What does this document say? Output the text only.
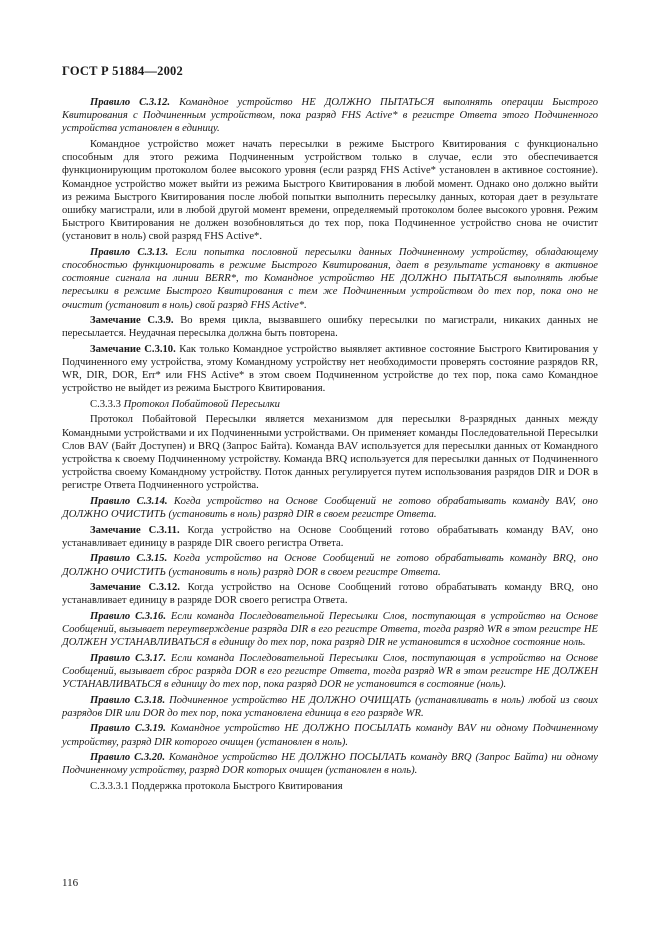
ГОСТ Р 51884—2002

Правило С.3.12. Командное устройство НЕ ДОЛЖНО ПЫТАТЬСЯ выполнять операции Быстрого Квитирования с Подчиненным устройством, пока разряд FHS Active* в регистре Ответа этого Подчиненного устройства установлен в единицу.

Командное устройство может начать пересылки в режиме Быстрого Квитирования с функционально способным для этого режима Подчиненным устройством только в случае, если это обеспечивается функционирующим протоколом более высокого уровня (если разряд FHS Active* установлен в активное состояние). Командное устройство может выйти из режима Быстрого Квитирования в любой момент. Однако оно должно выйти из режима Быстрого Квитирования после любой попытки выполнить пересылку данных, которая дает в результате ошибку магистрали, или в любой другой момент времени, определяемый протоколом более высокого уровня. Режим Быстрого Квитирования не должен возобновляться до тех пор, пока Подчиненное устройство снова не очистит (установит в ноль) свой разряд FHS Active*.

Правило С.3.13. Если попытка пословной пересылки данных Подчиненному устройству, обладающему способностью функционировать в режиме Быстрого Квитирования, дает в результате установку в активное состояние сигнала на линии BERR*, то Командное устройство НЕ ДОЛЖНО ПЫТАТЬСЯ выполнять любые пересылки в режиме Быстрого Квитирования с тем же Подчиненным устройством до тех пор, пока оно не очистит (установит в ноль) свой разряд FHS Active*.

Замечание С.3.9. Во время цикла, вызвавшего ошибку пересылки по магистрали, никаких данных не пересылается. Неудачная пересылка должна быть повторена.

Замечание С.3.10. Как только Командное устройство выявляет активное состояние Быстрого Квитирования у Подчиненного ему устройства, этому Командному устройству нет необходимости проверять состояние разрядов RR, WR, DIR, DOR, Err* или FHS Active* в этом своем Подчиненном устройстве до тех пор, пока само Командное устройство не выйдет из режима Быстрого Квитирования.

С.3.3.3 Протокол Побайтовой Пересылки

Протокол Побайтовой Пересылки является механизмом для пересылки 8-разрядных данных между Командными устройствами и их Подчиненными устройствами. Он применяет команды Последовательной Пересылки Слов BAV (Байт Доступен) и BRQ (Запрос Байта). Команда BAV используется для пересылки данных от Командного устройства к своему Подчиненному устройству. Команда BRQ используется для пересылки данных от Подчиненного устройства своему Командному устройству. Поток данных регулируется путем использования разрядов DIR и DOR в регистре Ответа Подчиненного устройства.

Правило С.3.14. Когда устройство на Основе Сообщений не готово обрабатывать команду BAV, оно ДОЛЖНО ОЧИСТИТЬ (установить в ноль) разряд DIR в своем регистре Ответа.

Замечание С.3.11. Когда устройство на Основе Сообщений готово обрабатывать команду BAV, оно устанавливает единицу в разряде DIR своего регистра Ответа.

Правило С.3.15. Когда устройство на Основе Сообщений не готово обрабатывать команду BRQ, оно ДОЛЖНО ОЧИСТИТЬ (установить в ноль) разряд DOR в своем регистре Ответа.

Замечание С.3.12. Когда устройство на Основе Сообщений готово обрабатывать команду BRQ, оно устанавливает единицу в разряде DOR своего регистра Ответа.

Правило С.3.16. Если команда Последовательной Пересылки Слов, поступающая в устройство на Основе Сообщений, вызывает переутверждение разряда DIR в его регистре Ответа, тогда разряд WR в этом регистре НЕ ДОЛЖЕН УСТАНАВЛИВАТЬСЯ в единицу до тех пор, пока разряд DIR не установится в исходное состояние ноль.

Правило С.3.17. Если команда Последовательной Пересылки Слов, поступающая в устройство на Основе Сообщений, вызывает сброс разряда DOR в его регистре Ответа, тогда разряд WR в этом регистре НЕ ДОЛЖЕН УСТАНАВЛИВАТЬСЯ в единицу до тех пор, пока разряд DOR не установится в состояние (ноль).

Правило С.3.18. Подчиненное устройство НЕ ДОЛЖНО ОЧИЩАТЬ (устанавливать в ноль) любой из своих разрядов DIR или DOR до тех пор, пока установлена единица в его разряде WR.

Правило С.3.19. Командное устройство НЕ ДОЛЖНО ПОСЫЛАТЬ команду BAV ни одному Подчиненному устройству, разряд DIR которого очищен (установлен в ноль).

Правило С.3.20. Командное устройство НЕ ДОЛЖНО ПОСЫЛАТЬ команду BRQ (Запрос Байта) ни одному Подчиненному устройству, разряд DOR которых очищен (установлен в ноль).

С.3.3.3.1 Поддержка протокола Быстрого Квитирования

116
